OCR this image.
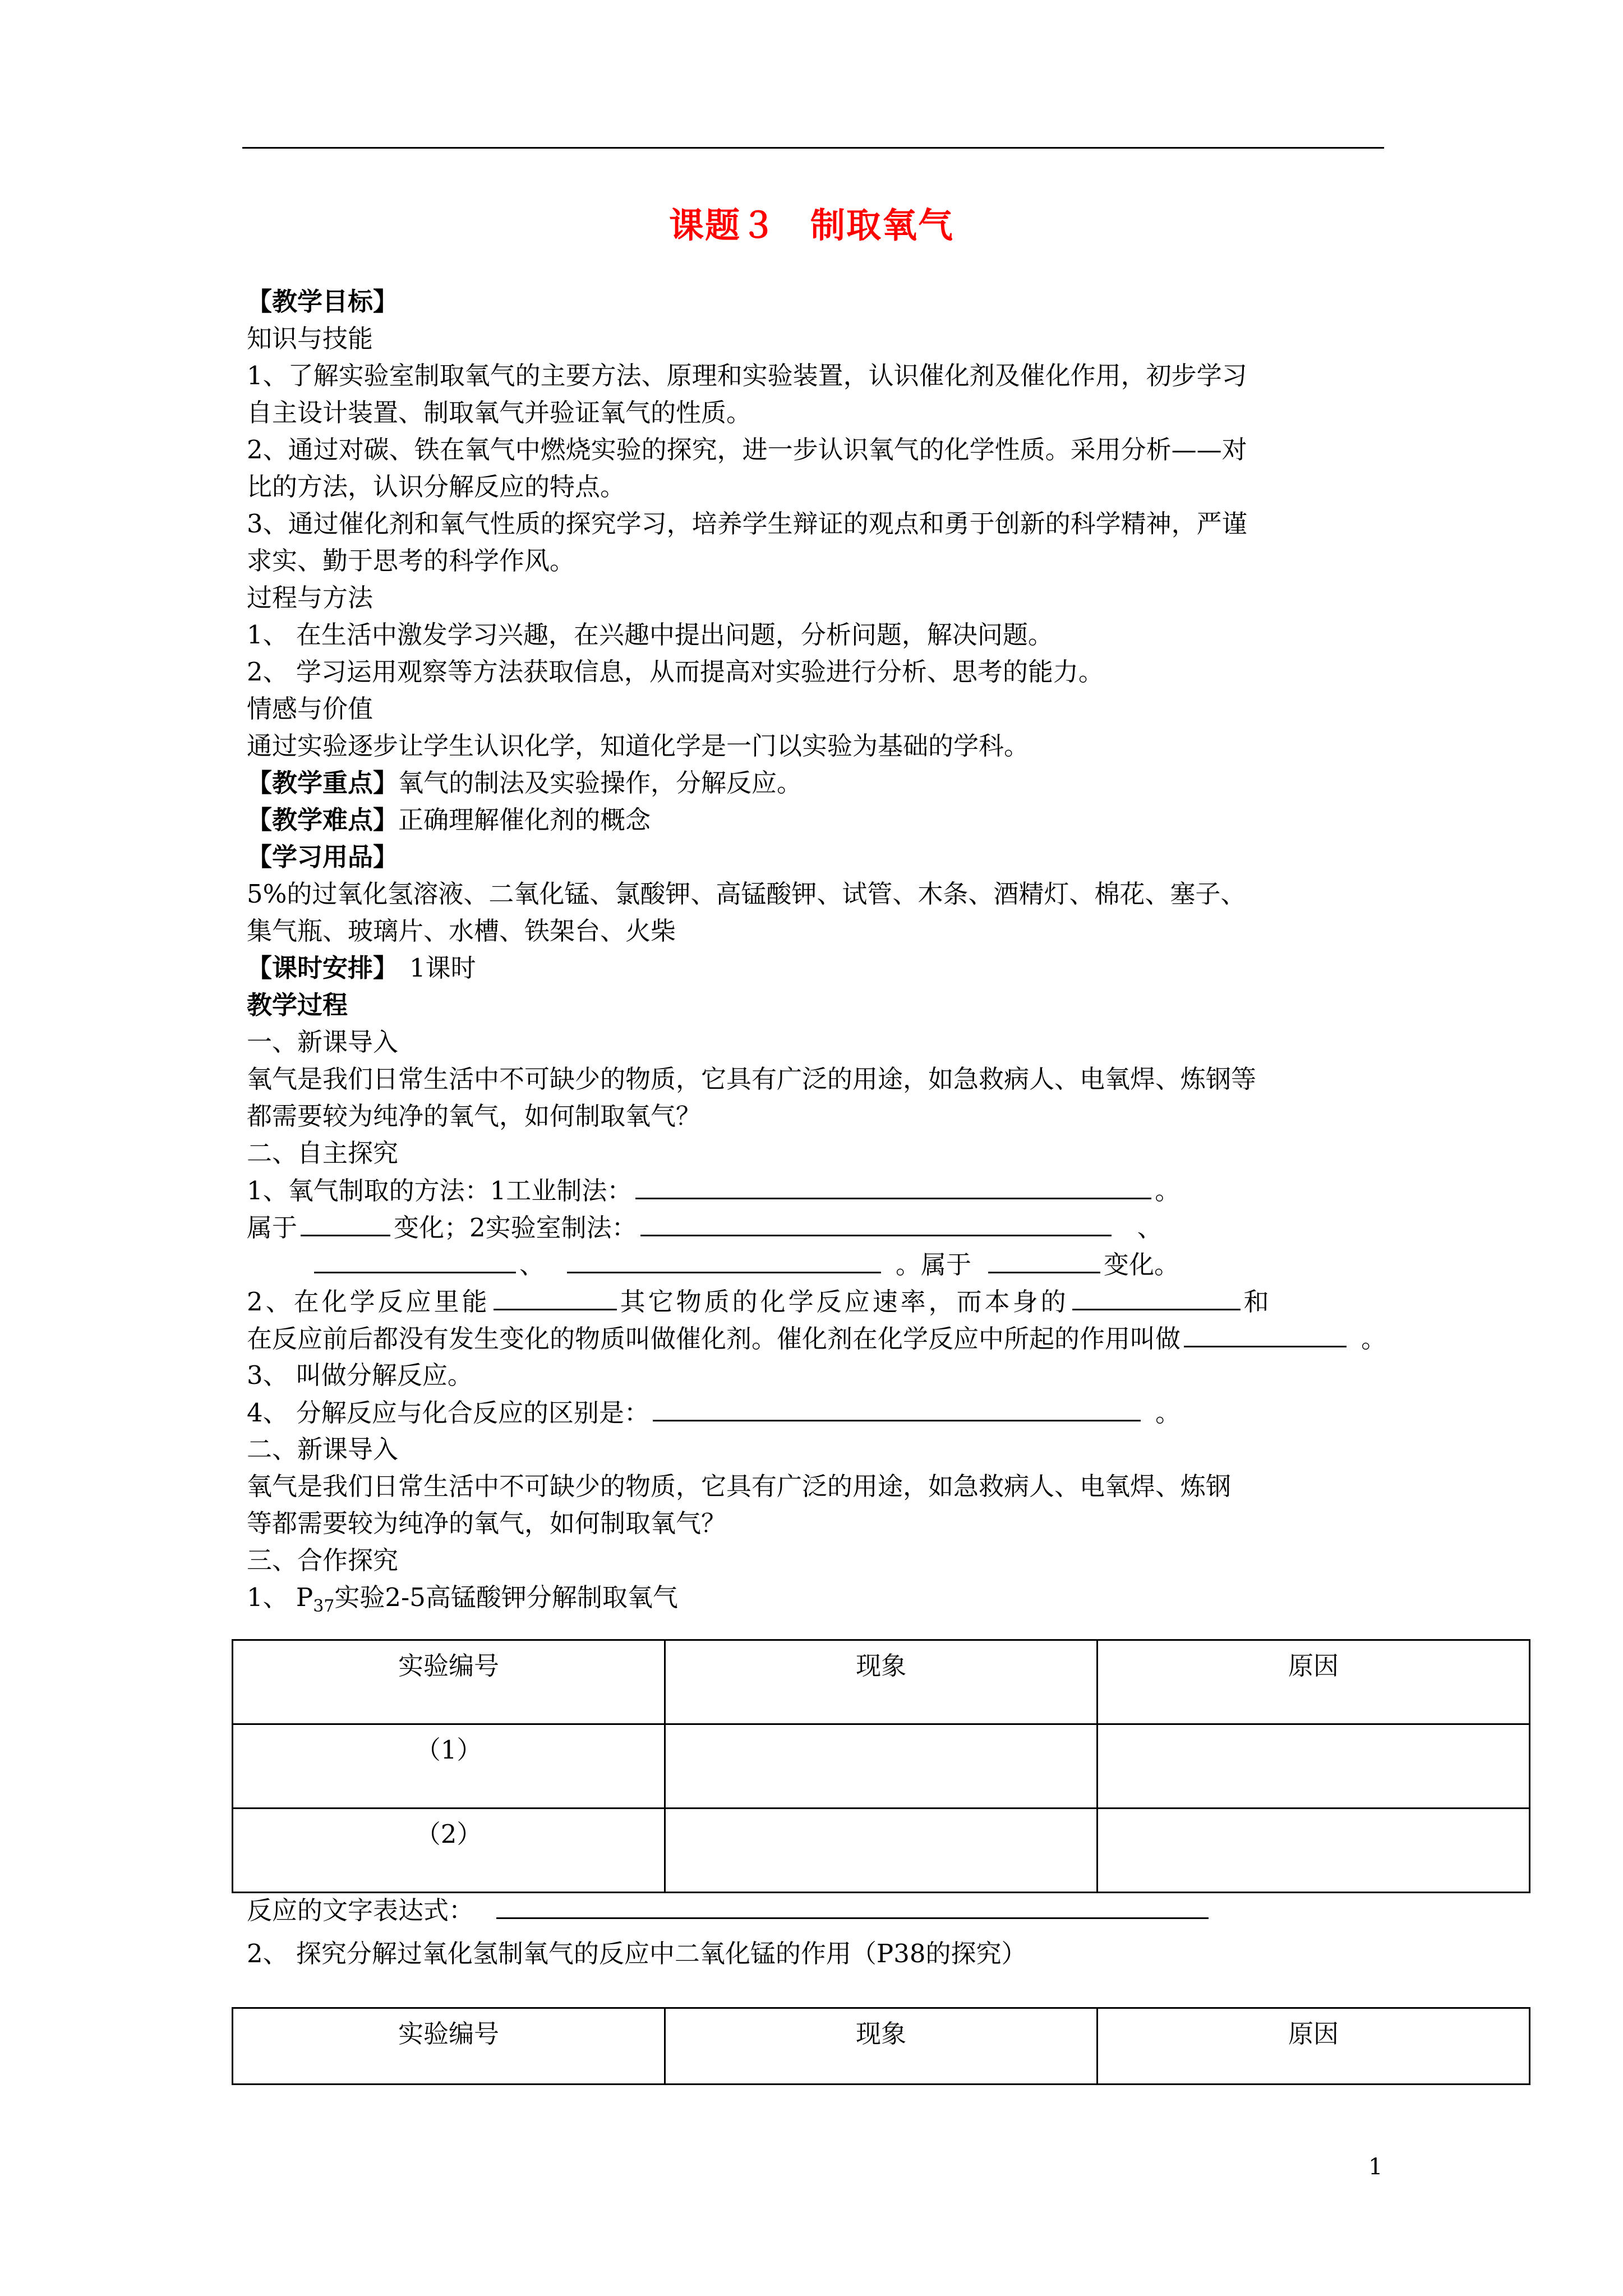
课题３ 制取氧气
【教学目标】
知识与技能
1、了解实验室制取氧气的主要方法、原理和实验装置，认识催化剂及催化作用，初步学习
自主设计装置、制取氧气并验证氧气的性质。
2、通过对碳、铁在氧气中燃烧实验的探究，进一步认识氧气的化学性质。采用分析——对
比的方法，认识分解反应的特点。
3、通过催化剂和氧气性质的探究学习，培养学生辩证的观点和勇于创新的科学精神，严谨
求实、勤于思考的科学作风。
过程与方法
1、 在生活中激发学习兴趣，在兴趣中提出问题，分析问题，解决问题。
2、 学习运用观察等方法获取信息，从而提高对实验进行分析、思考的能力。
情感与价值
通过实验逐步让学生认识化学，知道化学是一门以实验为基础的学科。
【教学重点】氧气的制法及实验操作，分解反应。
【教学难点】正确理解催化剂的概念
【学习用品】
5%的过氧化氢溶液、二氧化锰、氯酸钾、高锰酸钾、试管、木条、酒精灯、棉花、塞子、
集气瓶、玻璃片、水槽、铁架台、火柴
【课时安排】 1课时
教学过程
一、新课导入
氧气是我们日常生活中不可缺少的物质，它具有广泛的用途，如急救病人、电氧焊、炼钢等
都需要较为纯净的氧气，如何制取氧气？
二、自主探究
1、氧气制取的方法：1工业制法：	。
属于	变化；2实验室制法：	、
、	。属于	变化。
2、在化学反应里能	其它物质的化学反应速率，而本身的	和
在反应前后都没有发生变化的物质叫做催化剂。催化剂在化学反应中所起的作用叫做	。
3、 叫做分解反应。
4、 分解反应与化合反应的区别是：	。
二、新课导入
氧气是我们日常生活中不可缺少的物质，它具有广泛的用途，如急救病人、电氧焊、炼钢
等都需要较为纯净的氧气，如何制取氧气？
三、合作探究
1、 $P_{37}$实验2-5高锰酸钾分解制取氧气
实验编号	现象	原因
（1）		
（2）		
反应的文字表达式：
2、 探究分解过氧化氢制氧气的反应中二氧化锰的作用（P38的探究）
实验编号	现象	原因
1
